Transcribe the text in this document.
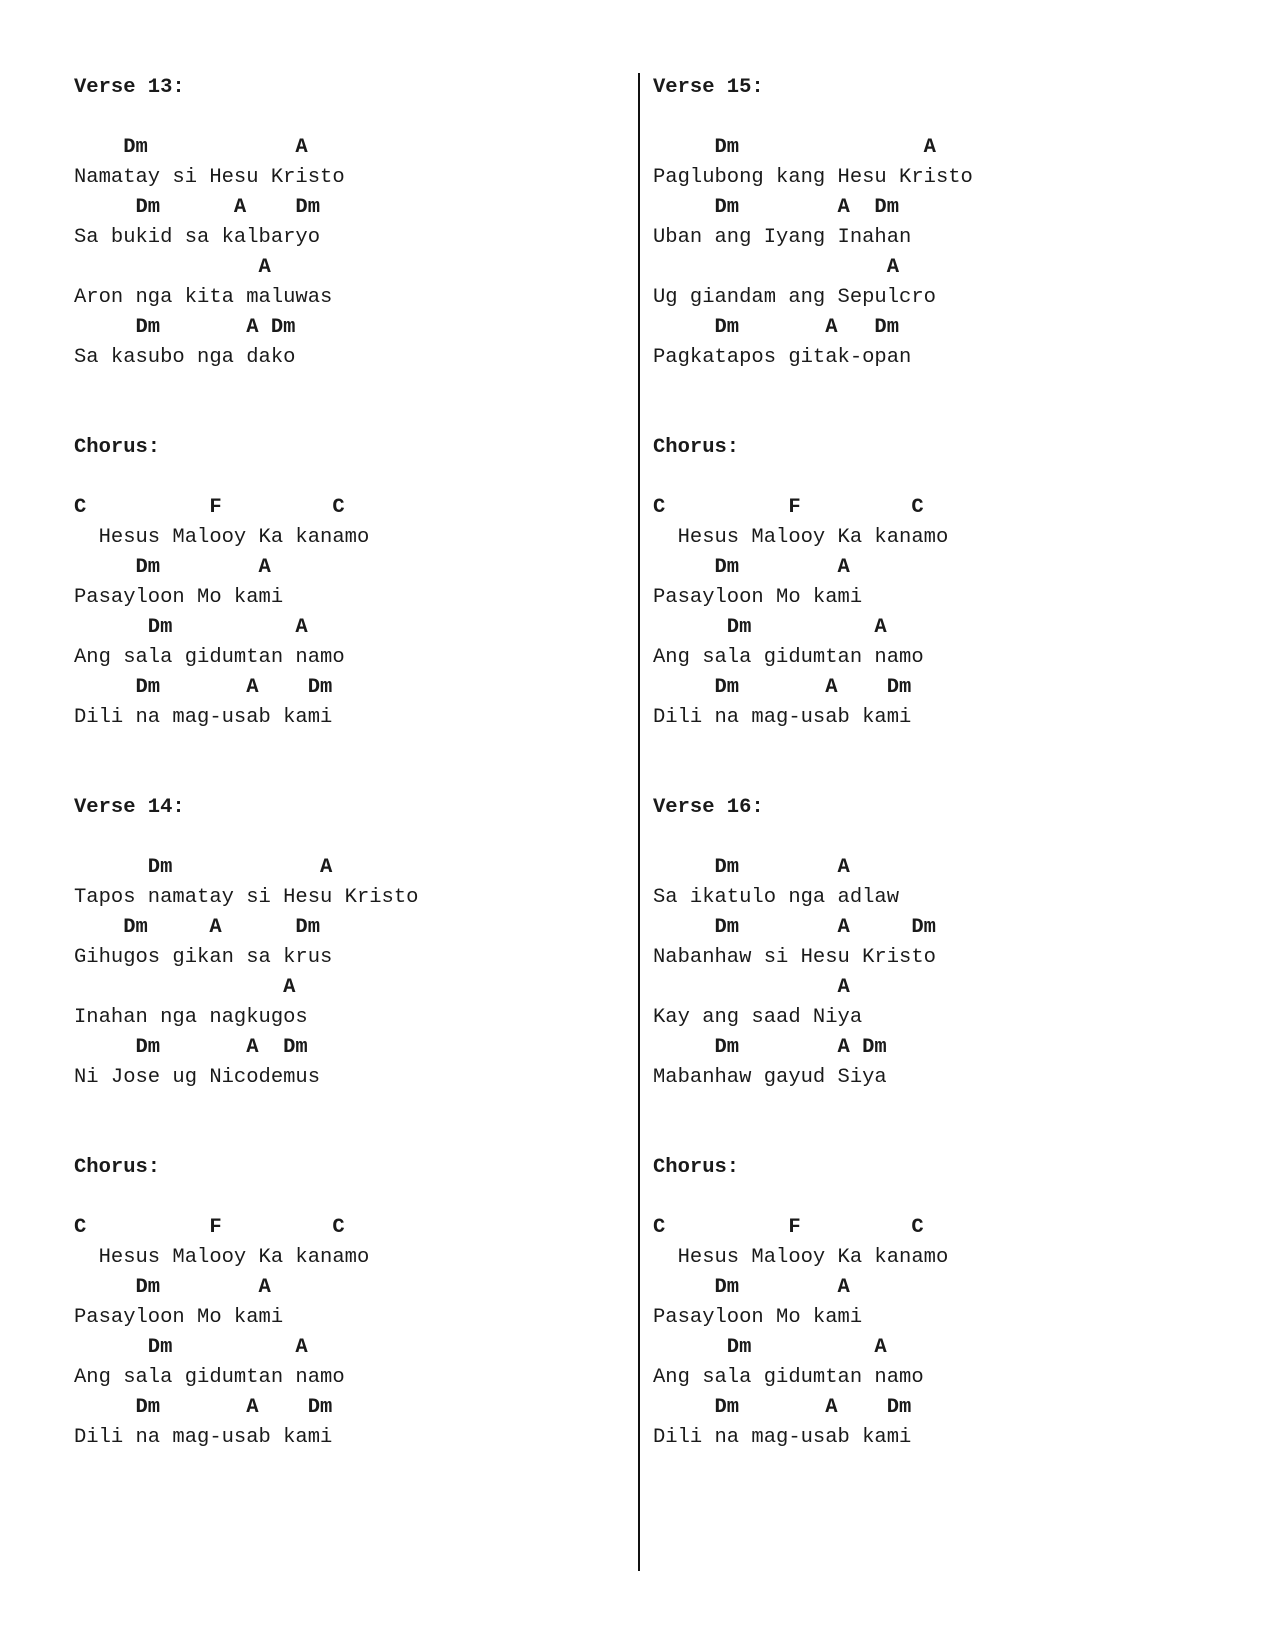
Verse 13:
Dm            A
Namatay si Hesu Kristo
Dm      A    Dm
Sa bukid sa kalbaryo
A
Aron nga kita maluwas
Dm       A Dm
Sa kasubo nga dako
Chorus:
C          F         C
Hesus Malooy Ka kanamo
Dm        A
Pasayloon Mo kami
Dm          A
Ang sala gidumtan namo
Dm       A    Dm
Dili na mag-usab kami
Verse 14:
Dm            A
Tapos namatay si Hesu Kristo
Dm     A      Dm
Gihugos gikan sa krus
A
Inahan nga nagkugos
Dm       A  Dm
Ni Jose ug Nicodemus
Chorus:
C          F         C
Hesus Malooy Ka kanamo
Dm        A
Pasayloon Mo kami
Dm          A
Ang sala gidumtan namo
Dm       A    Dm
Dili na mag-usab kami
Verse 15:
Dm               A
Paglubong kang Hesu Kristo
Dm        A  Dm
Uban ang Iyang Inahan
A
Ug giandam ang Sepulcro
Dm       A   Dm
Pagkatapos gitak-opan
Chorus:
C          F         C
Hesus Malooy Ka kanamo
Dm        A
Pasayloon Mo kami
Dm          A
Ang sala gidumtan namo
Dm       A    Dm
Dili na mag-usab kami
Verse 16:
Dm        A
Sa ikatulo nga adlaw
Dm        A     Dm
Nabanhaw si Hesu Kristo
A
Kay ang saad Niya
Dm        A Dm
Mabanhaw gayud Siya
Chorus:
C          F         C
Hesus Malooy Ka kanamo
Dm        A
Pasayloon Mo kami
Dm          A
Ang sala gidumtan namo
Dm       A    Dm
Dili na mag-usab kami
